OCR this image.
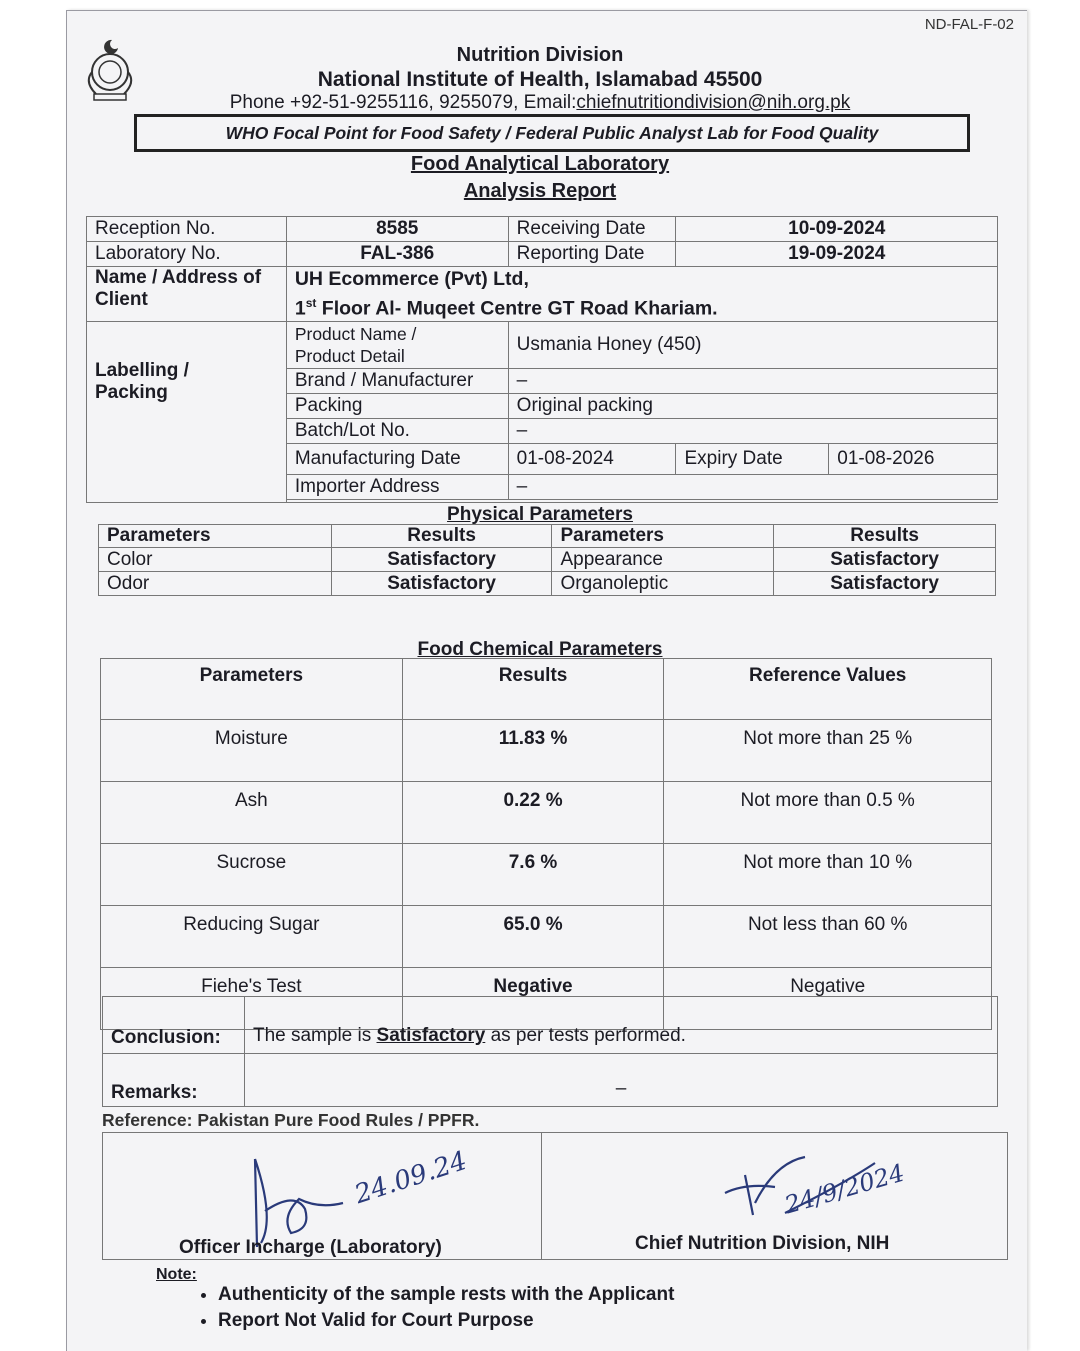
ND-FAL-F-02
Nutrition Division
National Institute of Health, Islamabad 45500
Phone +92-51-9255116, 9255079, Email:chiefnutritiondivision@nih.org.pk
WHO Focal Point for Food Safety / Federal Public Analyst Lab for Food Quality
Food Analytical Laboratory
Analysis Report
Reception No.	8585	Receiving Date	10-09-2024	
Laboratory No.	FAL-386	Reporting Date	19-09-2024	
Name / Address of Client	UH Ecommerce (Pvt) Ltd,
1st Floor Al- Muqeet Centre GT Road Khariam.			

Labelling / Packing	Product Name / Product Detail	Usmania Honey (450)		
	Brand / Manufacturer	–		
	Packing	Original packing		
	Batch/Lot No.	–		
	Manufacturing Date	01-08-2024	Expiry Date	01-08-2026
	Importer Address	–		

Physical Parameters
Parameters	Results	Parameters	Results
Color	Satisfactory	Appearance	Satisfactory
Odor	Satisfactory	Organoleptic	Satisfactory
Food Chemical Parameters
Parameters	Results	Reference Values
Moisture	11.83 %	Not more than 25 %
Ash	0.22 %	Not more than 0.5 %
Sucrose	7.6 %	Not more than 10 %
Reducing Sugar	65.0 %	Not less than 60 %
Fiehe's Test	Negative	Negative
Conclusion:	The sample is Satisfactory as per tests performed.
Remarks:	–
Reference: Pakistan Pure Food Rules / PPFR.
24.09.24
Officer Incharge (Laboratory)
24/9/2024
Chief Nutrition Division, NIH
Note:
• Authenticity of the sample rests with the Applicant
• Report Not Valid for Court Purpose
